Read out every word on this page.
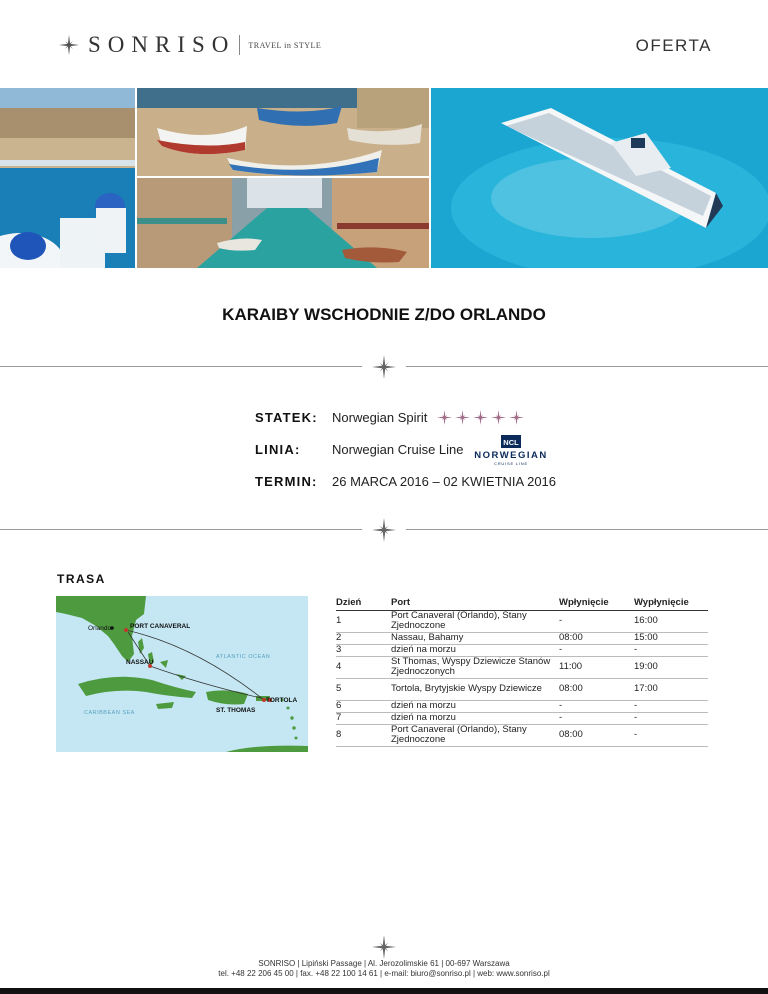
SONRISO TRAVEL in STYLE	OFERTA
KARAIBY WSCHODNIE Z/DO ORLANDO
STATEK: Norwegian Spirit
LINIA: Norwegian Cruise Line	NCL
NORWEGIAN
CRUISE LINE
TERMIN: 26 MARCA 2016 – 02 KWIETNIA 2016
TRASA
Orlando	PORT CANAVERAL
NASSAU
ATLANTIC OCEAN
CARIBBEAN SEA	ST. THOMAS
TORTOLA
Dzień	Port	Wpłynięcie	Wypłynięcie
1	Port Canaveral (Orlando), Stany Zjednoczone	-	16:00
2	Nassau, Bahamy	08:00	15:00
3	dzień na morzu	-	-
4	St Thomas, Wyspy Dziewicze Stanów Zjednoczonych	11:00	19:00
5	Tortola, Brytyjskie Wyspy Dziewicze	08:00	17:00
6	dzień na morzu	-	-
7	dzień na morzu	-	-
8	Port Canaveral (Orlando), Stany Zjednoczone	08:00	-
SONRISO | Lipiński Passage | Al. Jerozolimskie 61 | 00-697 Warszawa
tel. +48 22 206 45 00 | fax. +48 22 100 14 61 | e-mail: biuro@sonriso.pl | web: www.sonriso.pl
